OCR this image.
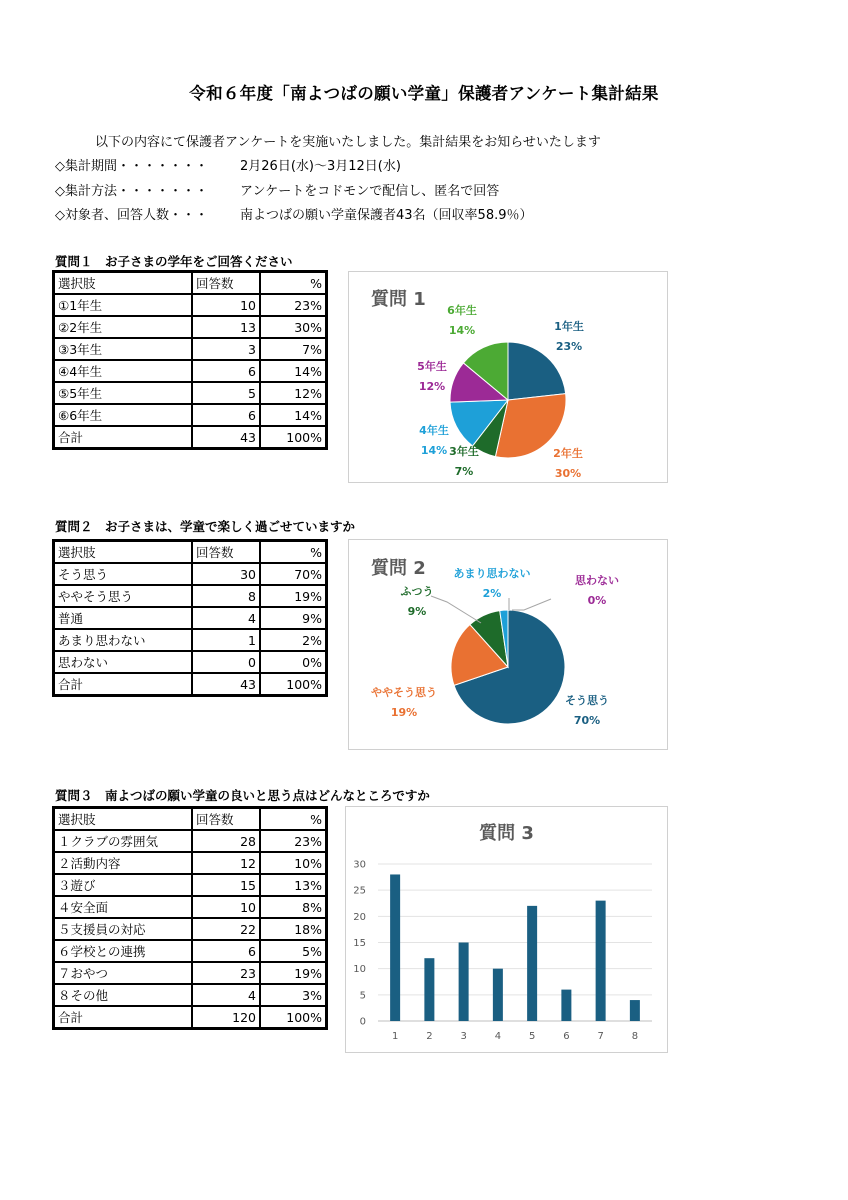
令和６年度「南よつばの願い学童」保護者アンケート集計結果
以下の内容にて保護者アンケートを実施いたしました。集計結果をお知らせいたします
◇集計期間・・・・・・・ 2月26日(水)～3月12日(水)
◇集計方法・・・・・・・ アンケートをコドモンで配信し、匿名で回答
◇対象者、回答人数・・・ 南よつばの願い学童保護者43名（回収率58.9％）
質問１　お子さまの学年をご回答ください
選択肢	回答数	%
①1年生	10	23%
②2年生	13	30%
③3年生	3	7%
④4年生	6	14%
⑤5年生	5	12%
⑥6年生	6	14%
合計	43	100%
質問 1
1年生
23%
2年生
30%
3年生
7%
4年生
14%
5年生
12%
6年生
14%
質問２　お子さまは、学童で楽しく過ごせていますか
選択肢	回答数	%
そう思う	30	70%
ややそう思う	8	19%
普通	4	9%
あまり思わない	1	2%
思わない	0	0%
合計	43	100%
質問 2
そう思う
70%
ややそう思う
19%
ふつう
9%
あまり思わない
2%
思わない
0%
質問３　南よつばの願い学童の良いと思う点はどんなところですか
選択肢	回答数	%
１クラブの雰囲気	28	23%
２活動内容	12	10%
３遊び	15	13%
４安全面	10	8%
５支援員の対応	22	18%
６学校との連携	6	5%
７おやつ	23	19%
８その他	4	3%
合計	120	100%
質問 3
0
5
10
15
20
25
30
1	2	3	4	5	6	7	8
